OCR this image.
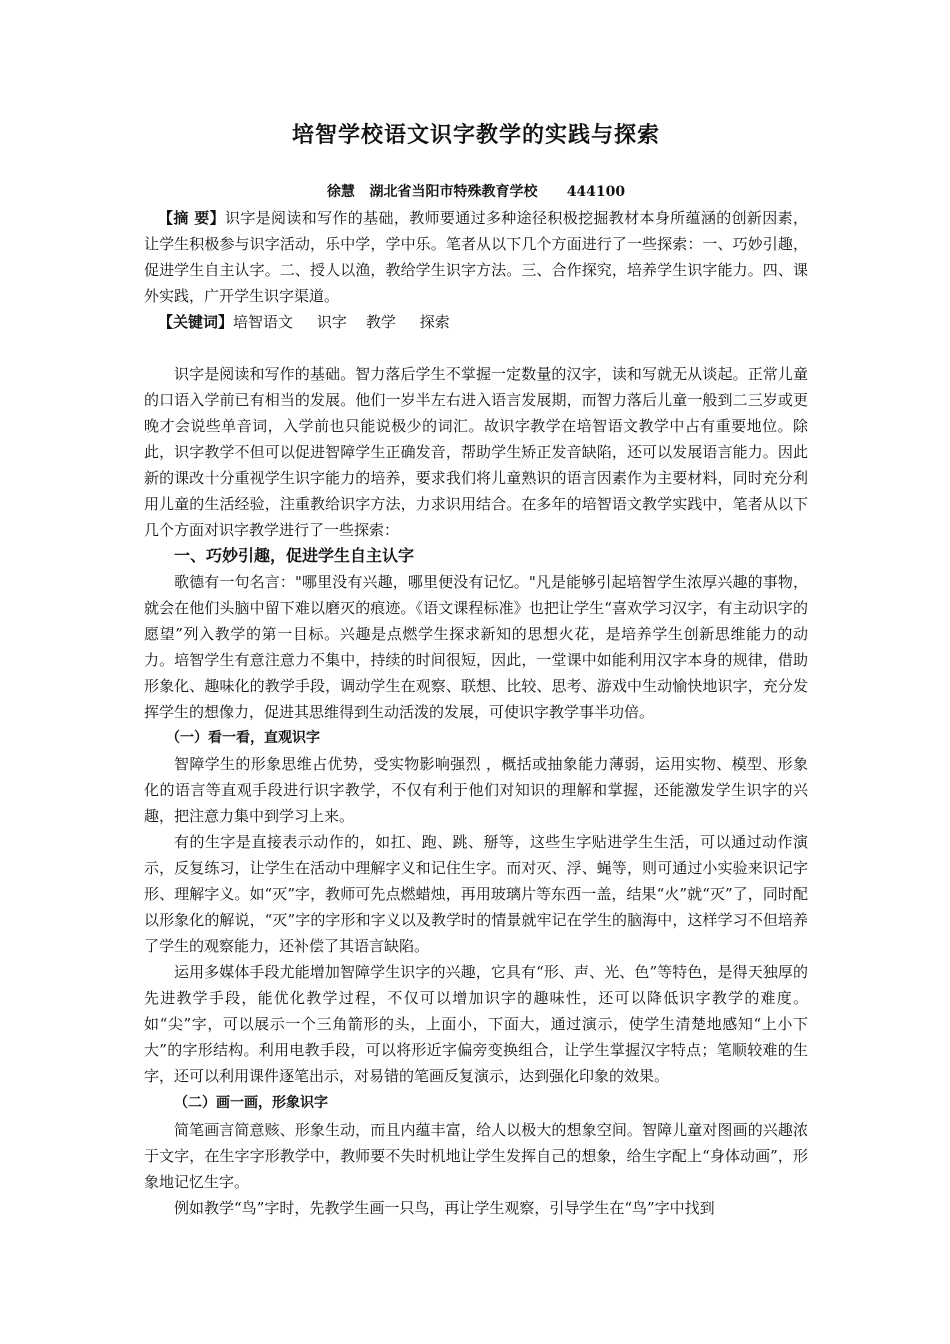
培智学校语文识字教学的实践与探索
徐慧   湖北省当阳市特殊教育学校      444100

【摘 要】识字是阅读和写作的基础，教师要通过多种途径积极挖掘教材本身所蕴涵的创新因素，让学生积极参与识字活动，乐中学，学中乐。笔者从以下几个方面进行了一些探索：一、巧妙引趣，促进学生自主认字。二、授人以渔，教给学生识字方法。三、合作探究，培养学生识字能力。四、课外实践，广开学生识字渠道。

【关键词】培智语文     识字    教学     探索

识字是阅读和写作的基础。智力落后学生不掌握一定数量的汉字，读和写就无从谈起。正常儿童的口语入学前已有相当的发展。他们一岁半左右进入语言发展期，而智力落后儿童一般到二三岁或更晚才会说些单音词，入学前也只能说极少的词汇。故识字教学在培智语文教学中占有重要地位。除此，识字教学不但可以促进智障学生正确发音，帮助学生矫正发音缺陷，还可以发展语言能力。因此新的课改十分重视学生识字能力的培养，要求我们将儿童熟识的语言因素作为主要材料，同时充分利用儿童的生活经验，注重教给识字方法，力求识用结合。在多年的培智语文教学实践中，笔者从以下几个方面对识字教学进行了一些探索：

一、巧妙引趣，促进学生自主认字

歌德有一句名言："哪里没有兴趣，哪里便没有记忆。"凡是能够引起培智学生浓厚兴趣的事物，就会在他们头脑中留下难以磨灭的痕迹。《语文课程标准》也把让学生“喜欢学习汉字，有主动识字的愿望”列入教学的第一目标。兴趣是点燃学生探求新知的思想火花，是培养学生创新思维能力的动力。培智学生有意注意力不集中，持续的时间很短，因此，一堂课中如能利用汉字本身的规律，借助形象化、趣味化的教学手段，调动学生在观察、联想、比较、思考、游戏中生动愉快地识字，充分发挥学生的想像力，促进其思维得到生动活泼的发展，可使识字教学事半功倍。

（一）看一看，直观识字

智障学生的形象思维占优势，受实物影响强烈 ，概括或抽象能力薄弱，运用实物、模型、形象化的语言等直观手段进行识字教学，不仅有利于他们对知识的理解和掌握，还能激发学生识字的兴趣，把注意力集中到学习上来。

有的生字是直接表示动作的，如扛、跑、跳、掰等，这些生字贴进学生生活，可以通过动作演示，反复练习，让学生在活动中理解字义和记住生字。而对灭、浮、蝇等，则可通过小实验来识记字形、理解字义。如“灭”字，教师可先点燃蜡烛，再用玻璃片等东西一盖，结果“火”就“灭”了，同时配以形象化的解说，“灭”字的字形和字义以及教学时的情景就牢记在学生的脑海中，这样学习不但培养了学生的观察能力，还补偿了其语言缺陷。

运用多媒体手段尤能增加智障学生识字的兴趣，它具有“形、声、光、色”等特色，是得天独厚的先进教学手段，能优化教学过程，不仅可以增加识字的趣味性，还可以降低识字教学的难度。如“尖”字，可以展示一个三角箭形的头，上面小，下面大，通过演示，使学生清楚地感知“上小下大”的字形结构。利用电教手段，可以将形近字偏旁变换组合，让学生掌握汉字特点；笔顺较难的生字，还可以利用课件逐笔出示，对易错的笔画反复演示，达到强化印象的效果。

（二）画一画，形象识字

简笔画言简意赅、形象生动，而且内蕴丰富，给人以极大的想象空间。智障儿童对图画的兴趣浓于文字，在生字字形教学中，教师要不失时机地让学生发挥自己的想象，给生字配上“身体动画”，形象地记忆生字。

例如教学“鸟”字时，先教学生画一只鸟，再让学生观察，引导学生在“鸟”字中找到
